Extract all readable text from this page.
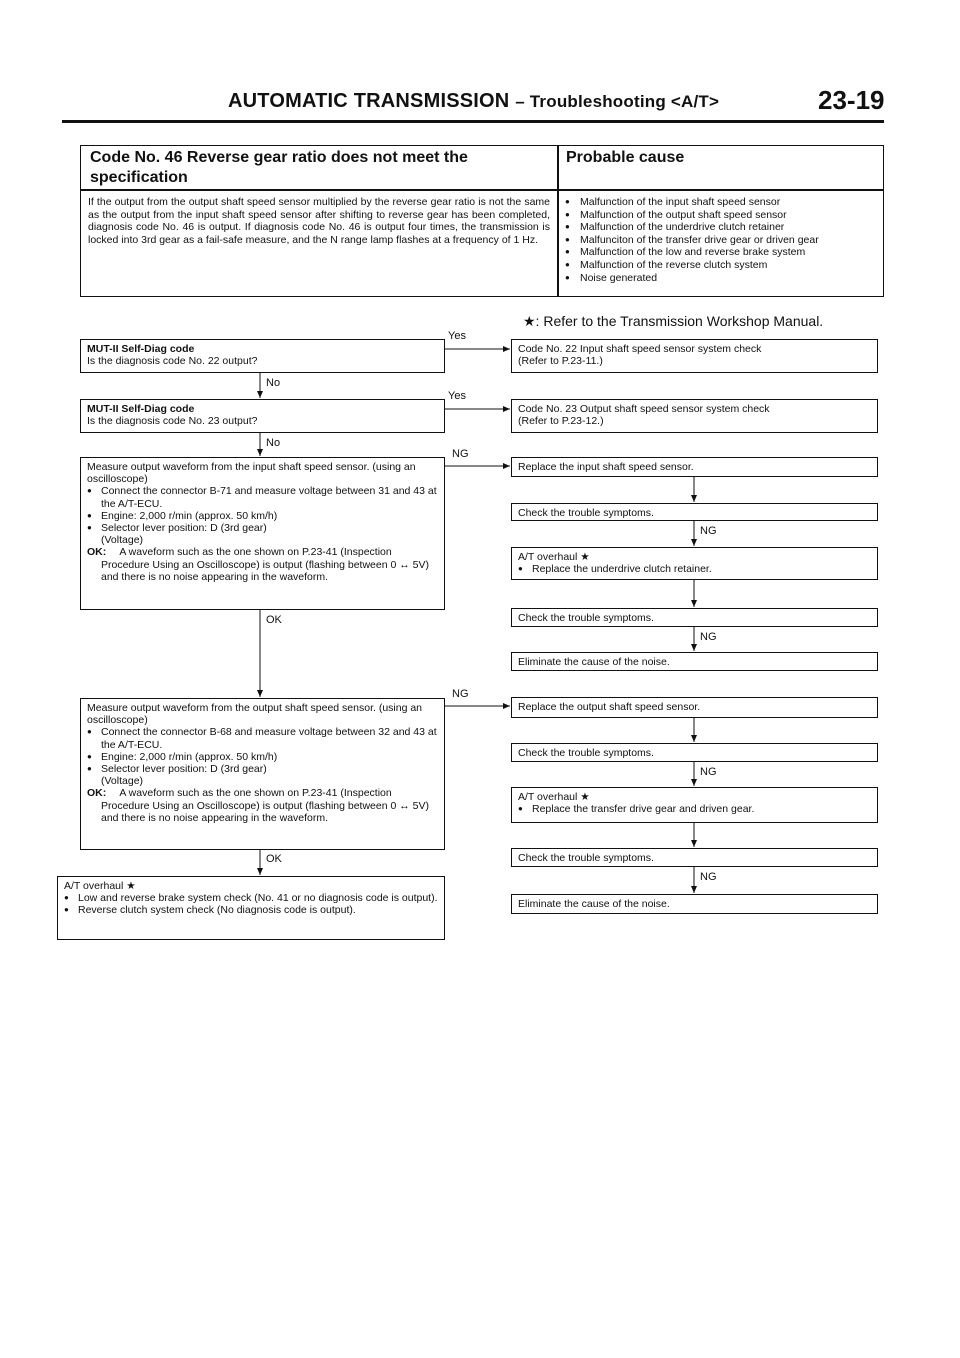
AUTOMATIC TRANSMISSION – Troubleshooting <A/T>	23-19
Code No. 46 Reverse gear ratio does not meet the specification
Probable cause
If the output from the output shaft speed sensor multiplied by the reverse gear ratio is not the same as the output from the input shaft speed sensor after shifting to reverse gear has been completed, diagnosis code No. 46 is output. If diagnosis code No. 46 is output four times, the transmission is locked into 3rd gear as a fail-safe measure, and the N range lamp flashes at a frequency of 1 Hz.
● Malfunction of the input shaft speed sensor
● Malfunction of the output shaft speed sensor
● Malfunction of the underdrive clutch retainer
● Malfunciton of the transfer drive gear or driven gear
● Malfunction of the low and reverse brake system
● Malfunction of the reverse clutch system
● Noise generated
★: Refer to the Transmission Workshop Manual.
Yes
No
Yes
No
NG
OK
NG
OK
NG
NG
NG
NG
MUT-II Self-Diag code
Is the diagnosis code No. 22 output?
MUT-II Self-Diag code
Is the diagnosis code No. 23 output?
Measure output waveform from the input shaft speed sensor. (using an oscilloscope)
● Connect the connector B-71 and measure voltage between 31 and 43 at the A/T-ECU.
● Engine: 2,000 r/min (approx. 50 km/h)
● Selector lever position: D (3rd gear)
(Voltage)
OK: A waveform such as the one shown on P.23-41 (Inspection Procedure Using an Oscilloscope) is output (flashing between 0 ↔ 5V) and there is no noise appearing in the waveform.
Measure output waveform from the output shaft speed sensor. (using an oscilloscope)
● Connect the connector B-68 and measure voltage between 32 and 43 at the A/T-ECU.
● Engine: 2,000 r/min (approx. 50 km/h)
● Selector lever position: D (3rd gear)
(Voltage)
OK: A waveform such as the one shown on P.23-41 (Inspection Procedure Using an Oscilloscope) is output (flashing between 0 ↔ 5V) and there is no noise appearing in the waveform.
A/T overhaul ★
● Low and reverse brake system check (No. 41 or no diagnosis code is output).
● Reverse clutch system check (No diagnosis code is output).
Code No. 22 Input shaft speed sensor system check
(Refer to P.23-11.)
Code No. 23 Output shaft speed sensor system check
(Refer to P.23-12.)
Replace the input shaft speed sensor.
Check the trouble symptoms.
A/T overhaul ★
● Replace the underdrive clutch retainer.
Check the trouble symptoms.
Eliminate the cause of the noise.
Replace the output shaft speed sensor.
Check the trouble symptoms.
A/T overhaul ★
● Replace the transfer drive gear and driven gear.
Check the trouble symptoms.
Eliminate the cause of the noise.
